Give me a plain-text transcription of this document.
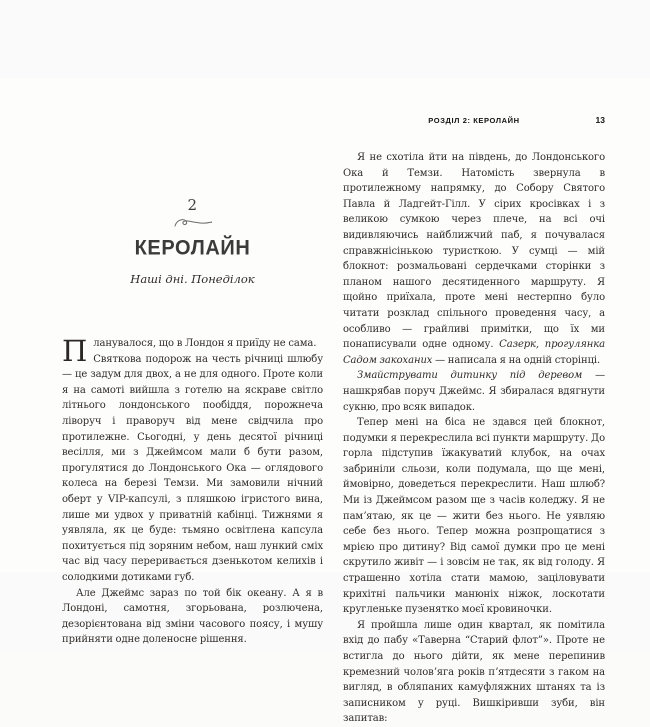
2
КЕРОЛАЙН
Наші дні. Понеділок

П ланувалося, що в Лондон я приїду не сама.
Святкова подорож на честь річниці шлюбу — це задум для двох, а не для одного. Проте коли я на самоті вийшла з готелю на яскраве світло літнього лондонського пообіддя, порожнеча ліворуч і праворуч від мене свідчила про протилежне. Сьогодні, у день десятої річниці весілля, ми з Джеймсом мали б бути разом, прогулятися до Лондонського Ока — оглядового колеса на березі Темзи. Ми замовили нічний оберт у VIP-капсулі, з пляшкою ігристого вина, лише ми удвох у приватній кабінці. Тижнями я уявляла, як це буде: тьмяно освітлена капсула похитується під зоряним небом, наш лункий сміх час від часу переривається дзенькотом келихів і солодкими дотиками губ.

Але Джеймс зараз по той бік океану. А я в Лондоні, самотня, згорьована, розлючена, дезорієнтована від зміни часового поясу, і мушу прийняти одне доленосне рішення.

РОЗДІЛ 2: КЕРОЛАЙН	13

Я не схотіла йти на південь, до Лондонського Ока й Темзи. Натомість звернула в протилежному напрямку, до Собору Святого Павла й Ладгейт-Гілл. У сірих кросівках і з великою сумкою через плече, на всі очі видивляючись найближчий паб, я почувалася справжнісінькою туристкою. У сумці — мій блокнот: розмальовані сердечками сторінки з планом нашого десятиденного маршруту. Я щойно приїхала, проте мені нестерпно було читати розклад спільного проведення часу, а особливо — грайливі примітки, що їх ми понаписували одне одному. Сазерк, прогулянка Садом закоханих — написала я на одній сторінці.

Змайструвати дитинку під деревом — нашкрябав поруч Джеймс. Я збиралася вдягнути сукню, про всяк випадок.

Тепер мені на біса не здався цей блокнот, подумки я перекреслила всі пункти маршруту. До горла підступив їжакуватий клубок, на очах забриніли сльози, коли подумала, що ще мені, ймовірно, доведеться перекреслити. Наш шлюб? Ми із Джеймсом разом ще з часів коледжу. Я не памʼятаю, як це — жити без нього. Не уявляю себе без нього. Тепер можна розпрощатися з мрією про дитину? Від самої думки про це мені скрутило живіт — і зовсім не так, як від голоду. Я страшенно хотіла стати мамою, заціловувати крихітні пальчики манюніх ніжок, лоскотати кругленьке пузенятко моєї кровиночки.

Я пройшла лише один квартал, як помітила вхід до пабу «Таверна “Старий флот”». Проте не встигла до нього дійти, як мене перепинив кремезний чоловʼяга років пʼятдесяти з гаком на вигляд, в обляпаних камуфляжних штанях та із записником у руці. Вишкіривши зуби, він запитав:
